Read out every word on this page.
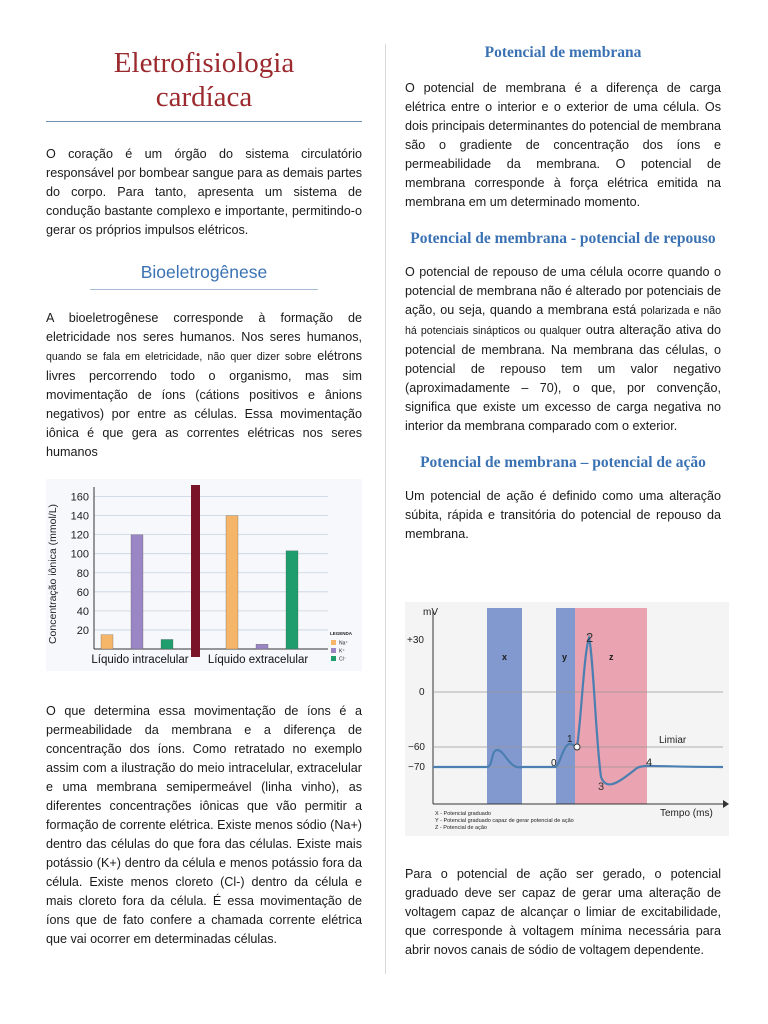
Eletrofisiologia
cardíaca

O coração é um órgão do sistema circulatório responsável por bombear sangue para as demais partes do corpo. Para tanto, apresenta um sistema de condução bastante complexo e importante, permitindo-o gerar os próprios impulsos elétricos.

Bioeletrogênese

A bioeletrogênese corresponde à formação de eletricidade nos seres humanos. Nos seres humanos, quando se fala em eletricidade, não quer dizer sobre elétrons livres percorrendo todo o organismo, mas sim movimentação de íons (cátions positivos e ânions negativos) por entre as células. Essa movimentação iônica é que gera as correntes elétricas nos seres humanos

Concentração iônica (mmol/L) 20
40
60
80
100
120
140
160
LEGENDA
Na⁺
K⁺
Cl⁻
Líquido intracelular Líquido extracelular

O que determina essa movimentação de íons é a permeabilidade da membrana e a diferença de concentração dos íons. Como retratado no exemplo assim com a ilustração do meio intracelular, extracelular e uma membrana semipermeável (linha vinho), as diferentes concentrações iônicas que vão permitir a formação de corrente elétrica. Existe menos sódio (Na+) dentro das células do que fora das células. Existe mais potássio (K+) dentro da célula e menos potássio fora da célula. Existe menos cloreto (Cl-) dentro da célula e mais cloreto fora da célula. É essa movimentação de íons que de fato confere a chamada corrente elétrica que vai ocorrer em determinadas células.

Potencial de membrana

O potencial de membrana é a diferença de carga elétrica entre o interior e o exterior de uma célula. Os dois principais determinantes do potencial de membrana são o gradiente de concentração dos íons e permeabilidade da membrana. O potencial de membrana corresponde à força elétrica emitida na membrana em um determinado momento.

Potencial de membrana - potencial de repouso

O potencial de repouso de uma célula ocorre quando o potencial de membrana não é alterado por potenciais de ação, ou seja, quando a membrana está polarizada e não há potenciais sinápticos ou qualquer outra alteração ativa do potencial de membrana. Na membrana das células, o potencial de repouso tem um valor negativo (aproximadamente – 70), o que, por convenção, significa que existe um excesso de carga negativa no interior da membrana comparado com o exterior.

Potencial de membrana – potencial de ação

Um potencial de ação é definido como uma alteração súbita, rápida e transitória do potencial de repouso da membrana.

mV
+30
0
−60
−70
x	y	z
0
1
2
3
4
Limiar
Tempo (ms)
X - Potencial graduado
Y - Potencial graduado capaz de gerar potencial de ação
Z - Potencial de ação

Para o potencial de ação ser gerado, o potencial graduado deve ser capaz de gerar uma alteração de voltagem capaz de alcançar o limiar de excitabilidade, que corresponde à voltagem mínima necessária para abrir novos canais de sódio de voltagem dependente.
